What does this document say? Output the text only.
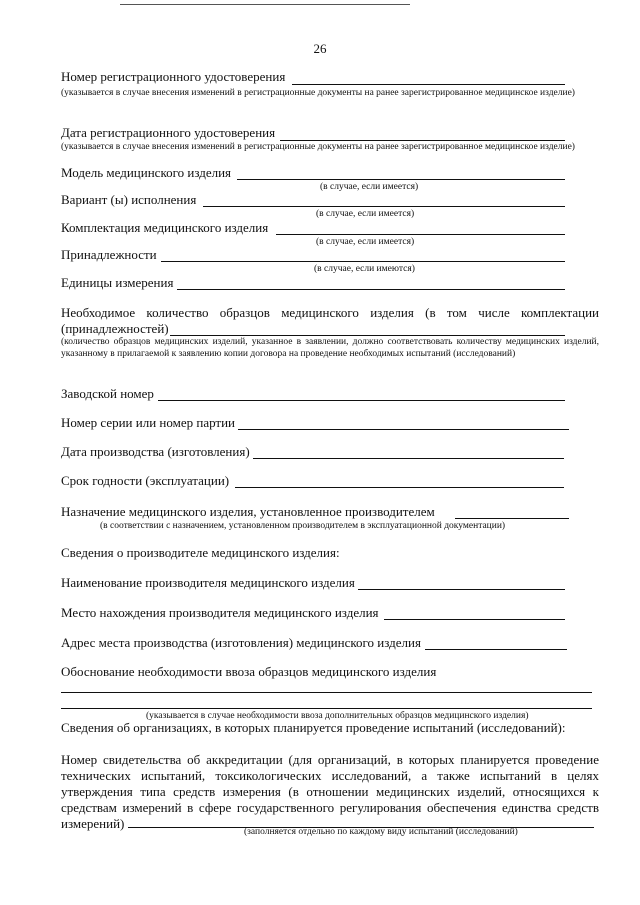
26
Номер регистрационного удостоверения
(указывается в случае внесения изменений в регистрационные документы на ранее зарегистрированное медицинское изделие)
Дата регистрационного удостоверения
(указывается в случае внесения изменений в регистрационные документы на ранее зарегистрированное медицинское изделие)
Модель медицинского изделия
(в случае, если имеется)
Вариант (ы) исполнения
(в случае, если имеется)
Комплектация медицинского изделия
(в случае, если имеется)
Принадлежности
(в случае, если имеются)
Единицы измерения
Необходимое количество образцов медицинского изделия (в том числе комплектации
(принадлежностей)
(количество образцов медицинских изделий, указанное в заявлении, должно соответствовать количеству медицинских изделий, указанному в прилагаемой к заявлению копии договора на проведение необходимых испытаний (исследований)
Заводской номер
Номер серии или номер партии
Дата производства (изготовления)
Срок годности (эксплуатации)
Назначение медицинского изделия, установленное производителем
(в соответствии с назначением, установленном производителем в эксплуатационной документации)
Сведения о производителе медицинского изделия:
Наименование производителя медицинского изделия
Место нахождения производителя медицинского изделия
Адрес места производства (изготовления) медицинского изделия
Обоснование необходимости ввоза образцов медицинского изделия
(указывается в случае необходимости ввоза дополнительных образцов медицинского изделия)
Сведения об организациях, в которых планируется проведение испытаний (исследований):
Номер свидетельства об аккредитации (для организаций, в которых планируется проведение технических испытаний, токсикологических исследований, а также испытаний в целях утверждения типа средств измерения (в отношении медицинских изделий, относящихся к средствам измерений в сфере государственного регулирования обеспечения единства средств измерений)
(заполняется отдельно по каждому виду испытаний (исследований)
